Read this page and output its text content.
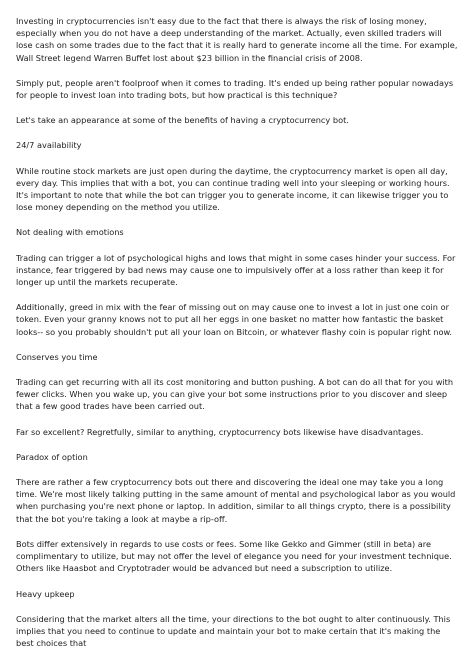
Investing in cryptocurrencies isn't easy due to the fact that there is always the risk of losing money, especially when you do not have a deep understanding of the market. Actually, even skilled traders will lose cash on some trades due to the fact that it is really hard to generate income all the time. For example, Wall Street legend Warren Buffet lost about $23 billion in the financial crisis of 2008.

Simply put, people aren't foolproof when it comes to trading. It's ended up being rather popular nowadays for people to invest loan into trading bots, but how practical is this technique?

Let's take an appearance at some of the benefits of having a cryptocurrency bot.

24/7 availability

While routine stock markets are just open during the daytime, the cryptocurrency market is open all day, every day. This implies that with a bot, you can continue trading well into your sleeping or working hours. It's important to note that while the bot can trigger you to generate income, it can likewise trigger you to lose money depending on the method you utilize.

Not dealing with emotions

Trading can trigger a lot of psychological highs and lows that might in some cases hinder your success. For instance, fear triggered by bad news may cause one to impulsively offer at a loss rather than keep it for longer up until the markets recuperate.

Additionally, greed in mix with the fear of missing out on may cause one to invest a lot in just one coin or token. Even your granny knows not to put all her eggs in one basket no matter how fantastic the basket looks-- so you probably shouldn't put all your loan on Bitcoin, or whatever flashy coin is popular right now.

Conserves you time

Trading can get recurring with all its cost monitoring and button pushing. A bot can do all that for you with fewer clicks. When you wake up, you can give your bot some instructions prior to you discover and sleep that a few good trades have been carried out.

Far so excellent? Regretfully, similar to anything, cryptocurrency bots likewise have disadvantages.

Paradox of option

There are rather a few cryptocurrency bots out there and discovering the ideal one may take you a long time. We're most likely talking putting in the same amount of mental and psychological labor as you would when purchasing you're next phone or laptop. In addition, similar to all things crypto, there is a possibility that the bot you're taking a look at maybe a rip-off.

Bots differ extensively in regards to use costs or fees. Some like Gekko and Gimmer (still in beta) are complimentary to utilize, but may not offer the level of elegance you need for your investment technique. Others like Haasbot and Cryptotrader would be advanced but need a subscription to utilize.

Heavy upkeep

Considering that the market alters all the time, your directions to the bot ought to alter continuously. This implies that you need to continue to update and maintain your bot to make certain that it's making the best choices that
